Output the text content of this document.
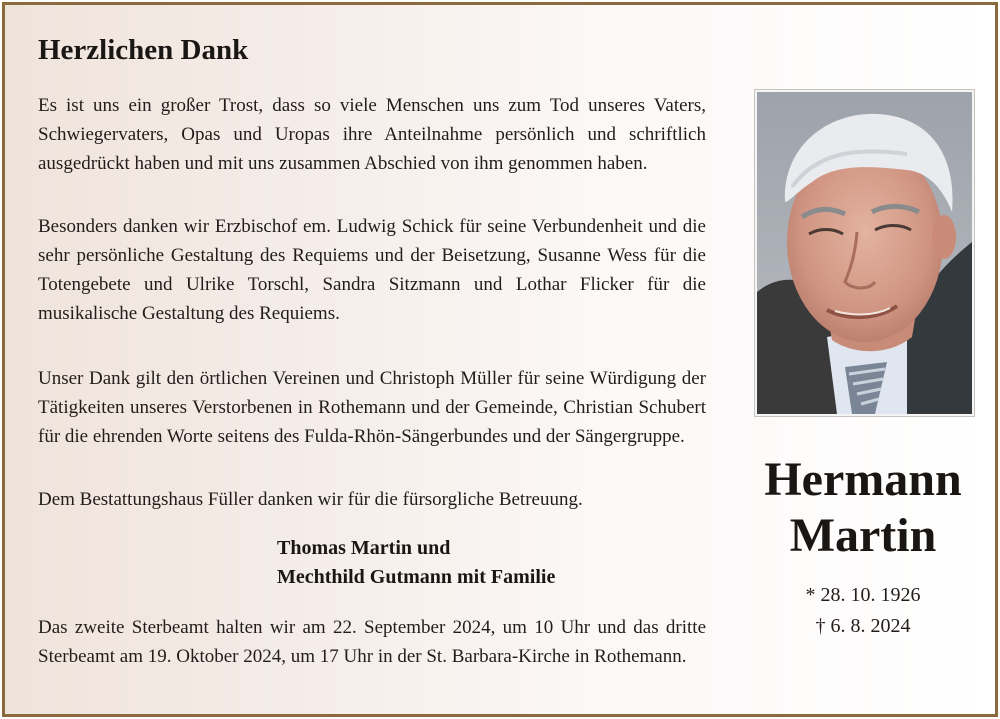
Herzlichen Dank
Es ist uns ein großer Trost, dass so viele Menschen uns zum Tod unseres Vaters, Schwiegervaters, Opas und Uropas ihre Anteilnahme persönlich und schriftlich ausgedrückt haben und mit uns zusammen Abschied von ihm genommen haben.
Besonders danken wir Erzbischof em. Ludwig Schick für seine Verbundenheit und die sehr persönliche Gestaltung des Requiems und der Beisetzung, Susanne Wess für die Totengebete und Ulrike Torschl, Sandra Sitzmann und Lothar Flicker für die musikalische Gestaltung des Requiems.
Unser Dank gilt den örtlichen Vereinen und Christoph Müller für seine Würdigung der Tätigkeiten unseres Verstorbenen in Rothemann und der Gemeinde, Christian Schubert für die ehrenden Worte seitens des Fulda-Rhön-Sängerbundes und der Sängergruppe.
Dem Bestattungshaus Füller danken wir für die fürsorgliche Betreuung.
Thomas Martin und
Mechthild Gutmann mit Familie
Das zweite Sterbeamt halten wir am 22. September 2024, um 10 Uhr und das dritte Sterbeamt am 19. Oktober 2024, um 17 Uhr in der St. Barbara-Kirche in Rothemann.
Hermann
Martin
* 28. 10. 1926
† 6. 8. 2024
